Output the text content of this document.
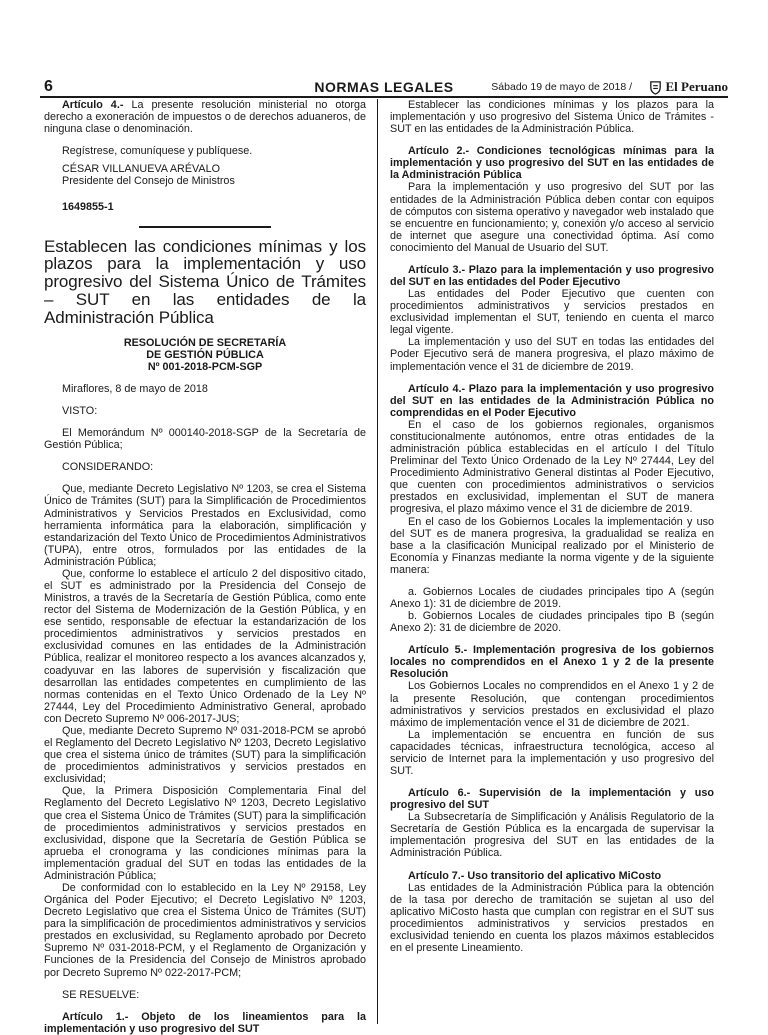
6	NORMAS LEGALES	Sábado 19 de mayo de 2018 /	El Peruano

Artículo 4.- La presente resolución ministerial no otorga derecho a exoneración de impuestos o de derechos aduaneros, de ninguna clase o denominación.

Regístrese, comuníquese y publíquese.

CÉSAR VILLANUEVA ARÉVALO

Presidente del Consejo de Ministros

1649855-1

Establecen las condiciones mínimas y los plazos para la implementación y uso progresivo del Sistema Único de Trámites – SUT en las entidades de la Administración Pública

RESOLUCIÓN DE SECRETARÍA

DE GESTIÓN PÚBLICA

Nº 001-2018-PCM-SGP

Miraflores, 8 de mayo de 2018

VISTO:

El Memorándum Nº 000140-2018-SGP de la Secretaría de Gestión Pública;

CONSIDERANDO:

Que, mediante Decreto Legislativo Nº 1203, se crea el Sistema Único de Trámites (SUT) para la Simplificación de Procedimientos Administrativos y Servicios Prestados en Exclusividad, como herramienta informática para la elaboración, simplificación y estandarización del Texto Único de Procedimientos Administrativos (TUPA), entre otros, formulados por las entidades de la Administración Pública;

Que, conforme lo establece el artículo 2 del dispositivo citado, el SUT es administrado por la Presidencia del Consejo de Ministros, a través de la Secretaría de Gestión Pública, como ente rector del Sistema de Modernización de la Gestión Pública, y en ese sentido, responsable de efectuar la estandarización de los procedimientos administrativos y servicios prestados en exclusividad comunes en las entidades de la Administración Pública, realizar el monitoreo respecto a los avances alcanzados y, coadyuvar en las labores de supervisión y fiscalización que desarrollan las entidades competentes en cumplimiento de las normas contenidas en el Texto Único Ordenado de la Ley Nº 27444, Ley del Procedimiento Administrativo General, aprobado con Decreto Supremo Nº 006-2017-JUS;

Que, mediante Decreto Supremo Nº 031-2018-PCM se aprobó el Reglamento del Decreto Legislativo Nº 1203, Decreto Legislativo que crea el sistema único de trámites (SUT) para la simplificación de procedimientos administrativos y servicios prestados en exclusividad;

Que, la Primera Disposición Complementaria Final del Reglamento del Decreto Legislativo Nº 1203, Decreto Legislativo que crea el Sistema Único de Trámites (SUT) para la simplificación de procedimientos administrativos y servicios prestados en exclusividad, dispone que la Secretaría de Gestión Pública se aprueba el cronograma y las condiciones mínimas para la implementación gradual del SUT en todas las entidades de la Administración Pública;

De conformidad con lo establecido en la Ley Nº 29158, Ley Orgánica del Poder Ejecutivo; el Decreto Legislativo Nº 1203, Decreto Legislativo que crea el Sistema Único de Trámites (SUT) para la simplificación de procedimientos administrativos y servicios prestados en exclusividad, su Reglamento aprobado por Decreto Supremo Nº 031-2018-PCM, y el Reglamento de Organización y Funciones de la Presidencia del Consejo de Ministros aprobado por Decreto Supremo Nº 022-2017-PCM;

SE RESUELVE:

Artículo 1.- Objeto de los lineamientos para la implementación y uso progresivo del SUT

Establecer las condiciones mínimas y los plazos para la implementación y uso progresivo del Sistema Único de Trámites - SUT en las entidades de la Administración Pública.

Artículo 2.- Condiciones tecnológicas mínimas para la implementación y uso progresivo del SUT en las entidades de la Administración Pública

Para la implementación y uso progresivo del SUT por las entidades de la Administración Pública deben contar con equipos de cómputos con sistema operativo y navegador web instalado que se encuentre en funcionamiento; y, conexión y/o acceso al servicio de internet que asegure una conectividad óptima. Así como conocimiento del Manual de Usuario del SUT.

Artículo 3.- Plazo para la implementación y uso progresivo del SUT en las entidades del Poder Ejecutivo

Las entidades del Poder Ejecutivo que cuenten con procedimientos administrativos y servicios prestados en exclusividad implementan el SUT, teniendo en cuenta el marco legal vigente.

La implementación y uso del SUT en todas las entidades del Poder Ejecutivo será de manera progresiva, el plazo máximo de implementación vence el 31 de diciembre de 2019.

Artículo 4.- Plazo para la implementación y uso progresivo del SUT en las entidades de la Administración Pública no comprendidas en el Poder Ejecutivo

En el caso de los gobiernos regionales, organismos constitucionalmente autónomos, entre otras entidades de la administración pública establecidas en el artículo I del Título Preliminar del Texto Único Ordenado de la Ley Nº 27444, Ley del Procedimiento Administrativo General distintas al Poder Ejecutivo, que cuenten con procedimientos administrativos o servicios prestados en exclusividad, implementan el SUT de manera progresiva, el plazo máximo vence el 31 de diciembre de 2019.

En el caso de los Gobiernos Locales la implementación y uso del SUT es de manera progresiva, la gradualidad se realiza en base a la clasificación Municipal realizado por el Ministerio de Economía y Finanzas mediante la norma vigente y de la siguiente manera:

a. Gobiernos Locales de ciudades principales tipo A (según Anexo 1): 31 de diciembre de 2019.

b. Gobiernos Locales de ciudades principales tipo B (según Anexo 2): 31 de diciembre de 2020.

Artículo 5.- Implementación progresiva de los gobiernos locales no comprendidos en el Anexo 1 y 2 de la presente Resolución

Los Gobiernos Locales no comprendidos en el Anexo 1 y 2 de la presente Resolución, que contengan procedimientos administrativos y servicios prestados en exclusividad el plazo máximo de implementación vence el 31 de diciembre de 2021.

La implementación se encuentra en función de sus capacidades técnicas, infraestructura tecnológica, acceso al servicio de Internet para la implementación y uso progresivo del SUT.

Artículo 6.- Supervisión de la implementación y uso progresivo del SUT

La Subsecretaría de Simplificación y Análisis Regulatorio de la Secretaría de Gestión Pública es la encargada de supervisar la implementación progresiva del SUT en las entidades de la Administración Pública.

Artículo 7.- Uso transitorio del aplicativo MiCosto

Las entidades de la Administración Pública para la obtención de la tasa por derecho de tramitación se sujetan al uso del aplicativo MiCosto hasta que cumplan con registrar en el SUT sus procedimientos administrativos y servicios prestados en exclusividad teniendo en cuenta los plazos máximos establecidos en el presente Lineamiento.
